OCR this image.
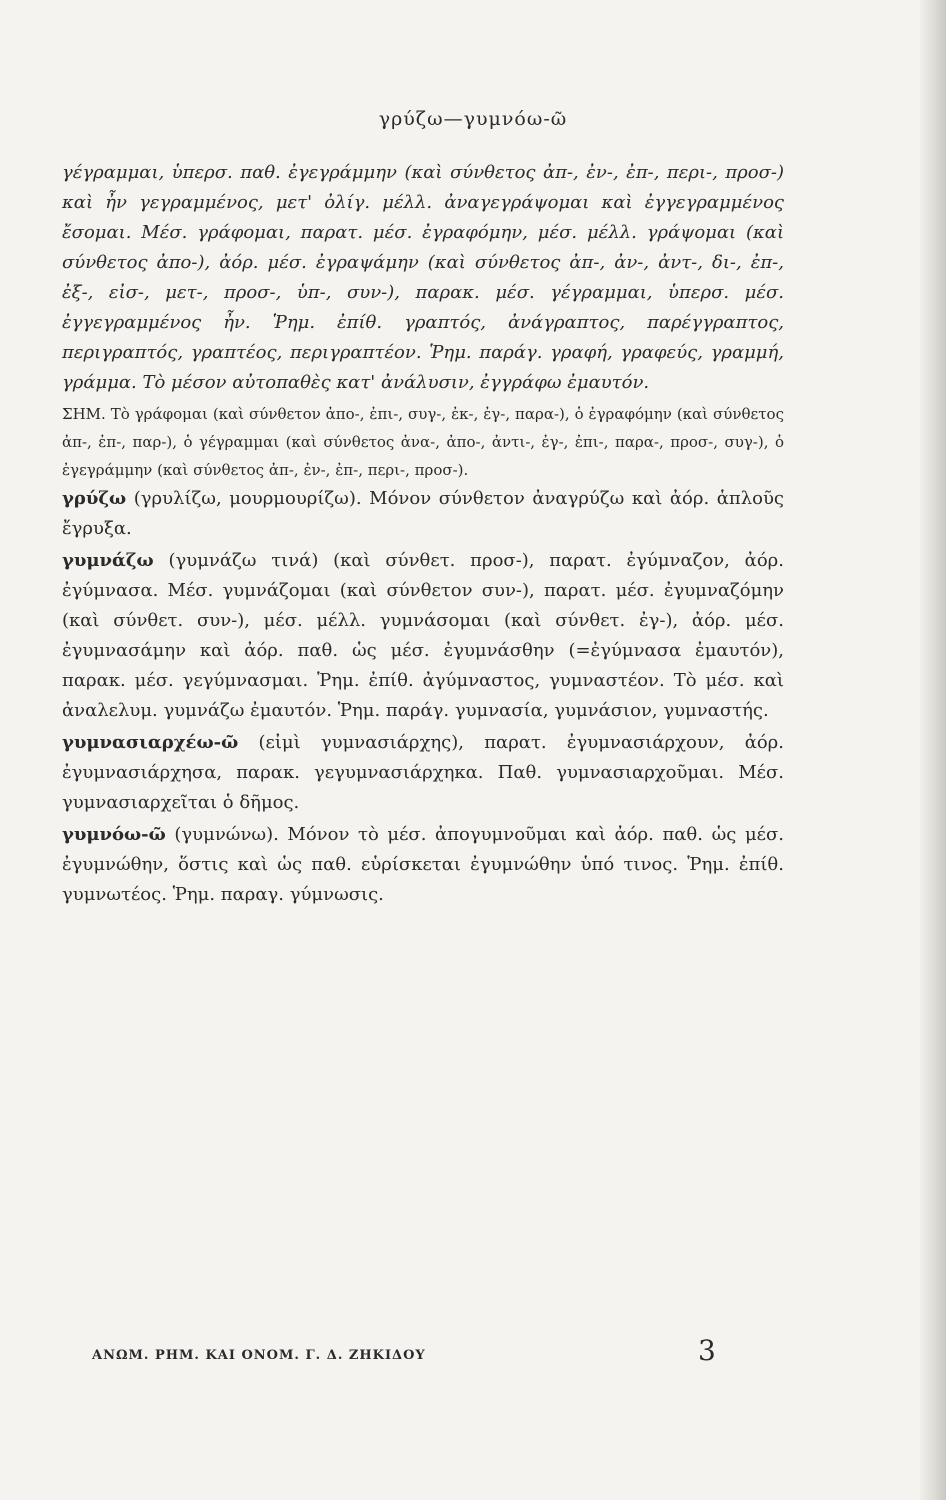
γρύζω—γυμνόω-ῶ

γέγραμμαι, ὑπερσ. παθ. ἐγεγράμμην (καὶ σύνθετος ἀπ-, ἐν-, ἐπ-, περι-, προσ-) καὶ ἦν γεγραμμένος, μετ' ὀλίγ. μέλλ. ἀναγεγράψομαι καὶ ἐγγεγραμμένος ἔσομαι. Μέσ. γράφομαι, παρατ. μέσ. ἐγραφόμην, μέσ. μέλλ. γράψομαι (καὶ σύνθετος ἀπο-), ἀόρ. μέσ. ἐγραψάμην (καὶ σύνθετος ἀπ-, ἀν-, ἀντ-, δι-, ἐπ-, ἐξ-, εἰσ-, μετ-, προσ-, ὑπ-, συν-), παρακ. μέσ. γέγραμμαι, ὑπερσ. μέσ. ἐγγεγραμμένος ἦν. Ῥημ. ἐπίθ. γραπτός, ἀνάγραπτος, παρέγγραπτος, περιγραπτός, γραπτέος, περιγραπτέον. Ῥημ. παράγ. γραφή, γραφεύς, γραμμή, γράμμα. Τὸ μέσον αὐτοπαθὲς κατ' ἀνάλυσιν, ἐγγράφω ἐμαυτόν.

ΣΗΜ. Τὸ γράφομαι (καὶ σύνθετον ἀπο-, ἐπι-, συγ-, ἐκ-, ἐγ-, παρα-), ὁ ἐγραφόμην (καὶ σύνθετος ἀπ-, ἐπ-, παρ-), ὁ γέγραμμαι (καὶ σύνθετος ἀνα-, ἀπο-, ἀντι-, ἐγ-, ἐπι-, παρα-, προσ-, συγ-), ὁ ἐγεγράμμην (καὶ σύνθετος ἀπ-, ἐν-, ἐπ-, περι-, προσ-).

γρύζω (γρυλίζω, μουρμουρίζω). Μόνον σύνθετον ἀναγρύζω καὶ ἀόρ. ἁπλοῦς ἔγρυξα.

γυμνάζω (γυμνάζω τινά) (καὶ σύνθετ. προσ-), παρατ. ἐγύμναζον, ἀόρ. ἐγύμνασα. Μέσ. γυμνάζομαι (καὶ σύνθετον συν-), παρατ. μέσ. ἐγυμναζόμην (καὶ σύνθετ. συν-), μέσ. μέλλ. γυμνάσομαι (καὶ σύνθετ. ἐγ-), ἀόρ. μέσ. ἐγυμνασάμην καὶ ἀόρ. παθ. ὡς μέσ. ἐγυμνάσθην (=ἐγύμνασα ἐμαυτόν), παρακ. μέσ. γεγύμνασμαι. Ῥημ. ἐπίθ. ἀγύμναστος, γυμναστέον. Τὸ μέσ. καὶ ἀναλελυμ. γυμνάζω ἐμαυτόν. Ῥημ. παράγ. γυμνασία, γυμνάσιον, γυμναστής.

γυμνασιαρχέω-ῶ (εἰμὶ γυμνασιάρχης), παρατ. ἐγυμνασιάρχουν, ἀόρ. ἐγυμνασιάρχησα, παρακ. γεγυμνασιάρχηκα. Παθ. γυμνασιαρχοῦμαι. Μέσ. γυμνασιαρχεῖται ὁ δῆμος.

γυμνόω-ῶ (γυμνώνω). Μόνον τὸ μέσ. ἀπογυμνοῦμαι καὶ ἀόρ. παθ. ὡς μέσ. ἐγυμνώθην, ὅστις καὶ ὡς παθ. εὑρίσκεται ἐγυμνώθην ὑπό τινος. Ῥημ. ἐπίθ. γυμνωτέος. Ῥημ. παραγ. γύμνωσις.

ΑΝΩΜ. ΡΗΜ. ΚΑΙ ΟΝΟΜ. Γ. Δ. ΖΗΚΙΔΟΥ	3
